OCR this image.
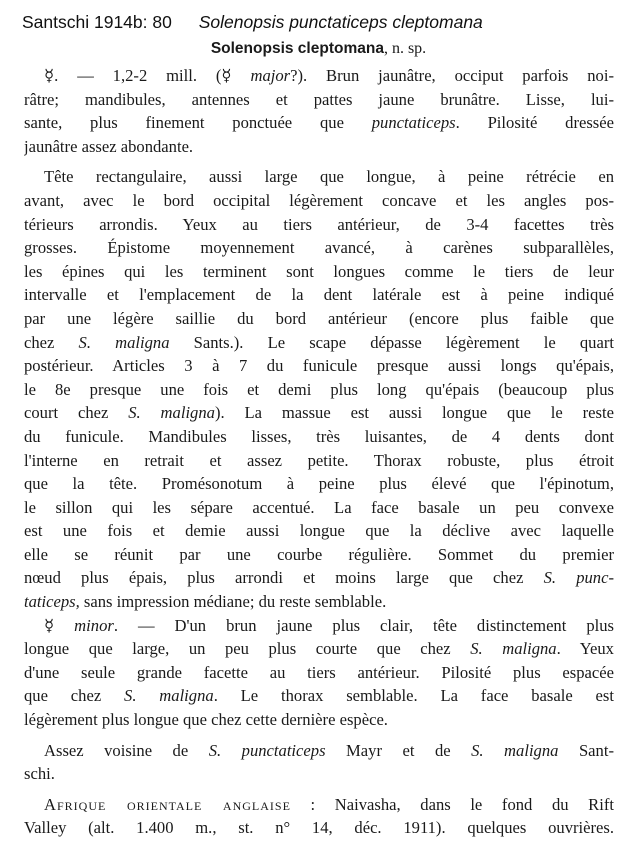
Santschi 1914b: 80 Solenopsis punctaticeps cleptomana
Solenopsis cleptomana, n. sp.
☿. — 1,2-2 mill. (☿ major?). Brun jaunâtre, occiput parfois noi-
râtre; mandibules, antennes et pattes jaune brunâtre. Lisse, lui-
sante, plus finement ponctuée que punctaticeps. Pilosité dressée
jaunâtre assez abondante.
Tête rectangulaire, aussi large que longue, à peine rétrécie en
avant, avec le bord occipital légèrement concave et les angles pos-
térieurs arrondis. Yeux au tiers antérieur, de 3-4 facettes très
grosses. Épistome moyennement avancé, à carènes subparallèles,
les épines qui les terminent sont longues comme le tiers de leur
intervalle et l'emplacement de la dent latérale est à peine indiqué
par une légère saillie du bord antérieur (encore plus faible que
chez S. maligna Sants.). Le scape dépasse légèrement le quart
postérieur. Articles 3 à 7 du funicule presque aussi longs qu'épais,
le 8e presque une fois et demi plus long qu'épais (beaucoup plus
court chez S. maligna). La massue est aussi longue que le reste
du funicule. Mandibules lisses, très luisantes, de 4 dents dont
l'interne en retrait et assez petite. Thorax robuste, plus étroit
que la tête. Promésonotum à peine plus élevé que l'épinotum,
le sillon qui les sépare accentué. La face basale un peu convexe
est une fois et demie aussi longue que la déclive avec laquelle
elle se réunit par une courbe régulière. Sommet du premier
nœud plus épais, plus arrondi et moins large que chez S. punc-
taticeps, sans impression médiane; du reste semblable.
☿ minor. — D'un brun jaune plus clair, tête distinctement plus
longue que large, un peu plus courte que chez S. maligna. Yeux
d'une seule grande facette au tiers antérieur. Pilosité plus espacée
que chez S. maligna. Le thorax semblable. La face basale est
légèrement plus longue que chez cette dernière espèce.
Assez voisine de S. punctaticeps Mayr et de S. maligna Sant-
schi.
Afrique orientale anglaise : Naivasha, dans le fond du Rift
Valley (alt. 1.400 m., st. n° 14, déc. 1911). quelques ouvrières.
